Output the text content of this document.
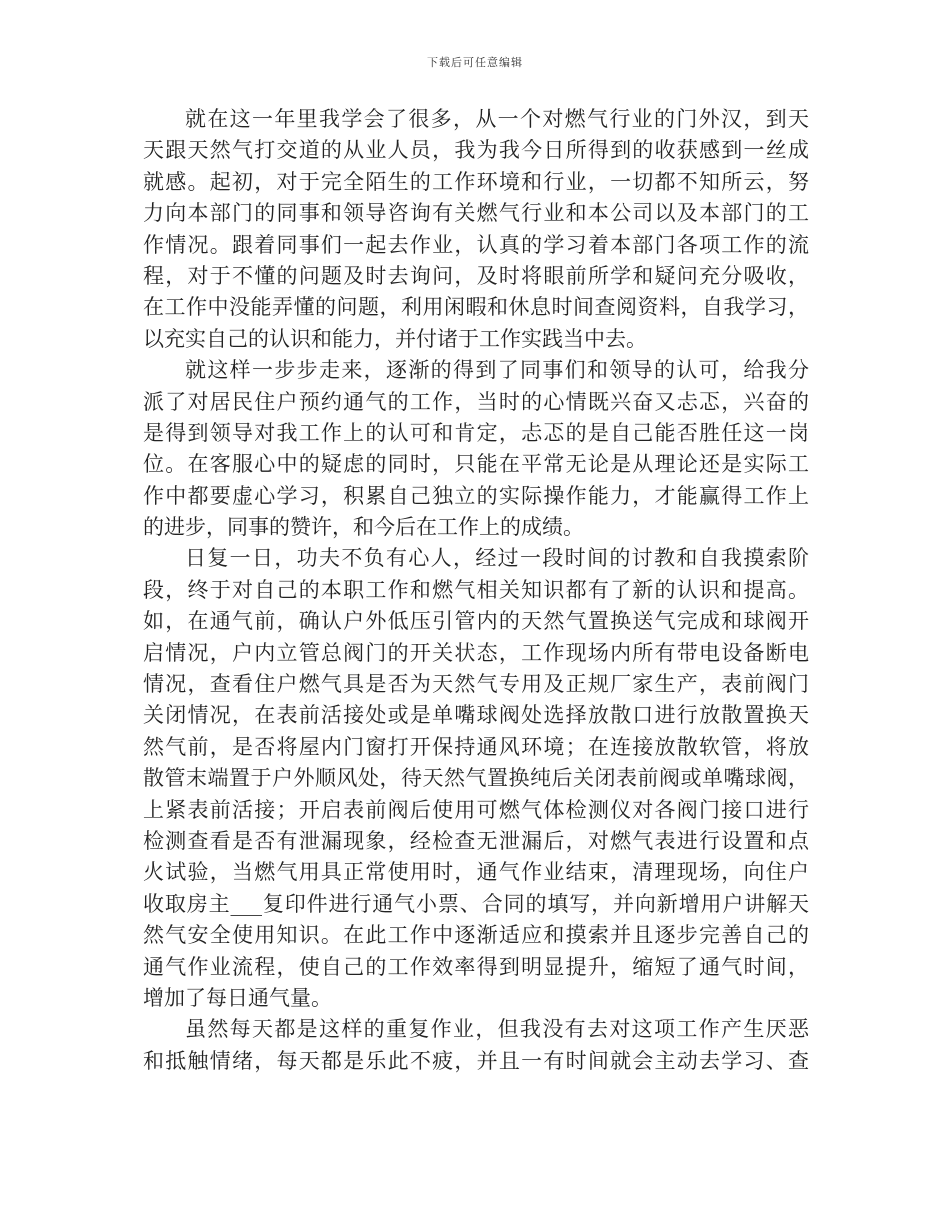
下载后可任意编辑
就在这一年里我学会了很多，从一个对燃气行业的门外汉，到天
天跟天然气打交道的从业人员，我为我今日所得到的收获感到一丝成
就感。起初，对于完全陌生的工作环境和行业，一切都不知所云，努
力向本部门的同事和领导咨询有关燃气行业和本公司以及本部门的工
作情况。跟着同事们一起去作业，认真的学习着本部门各项工作的流
程，对于不懂的问题及时去询问，及时将眼前所学和疑问充分吸收，
在工作中没能弄懂的问题，利用闲暇和休息时间查阅资料，自我学习，
以充实自己的认识和能力，并付诸于工作实践当中去。
就这样一步步走来，逐渐的得到了同事们和领导的认可，给我分
派了对居民住户预约通气的工作，当时的心情既兴奋又忐忑，兴奋的
是得到领导对我工作上的认可和肯定，忐忑的是自己能否胜任这一岗
位。在客服心中的疑虑的同时，只能在平常无论是从理论还是实际工
作中都要虚心学习，积累自己独立的实际操作能力，才能赢得工作上
的进步，同事的赞许，和今后在工作上的成绩。
日复一日，功夫不负有心人，经过一段时间的讨教和自我摸索阶
段，终于对自己的本职工作和燃气相关知识都有了新的认识和提高。
如，在通气前，确认户外低压引管内的天然气置换送气完成和球阀开
启情况，户内立管总阀门的开关状态，工作现场内所有带电设备断电
情况，查看住户燃气具是否为天然气专用及正规厂家生产，表前阀门
关闭情况，在表前活接处或是单嘴球阀处选择放散口进行放散置换天
然气前，是否将屋内门窗打开保持通风环境；在连接放散软管，将放
散管末端置于户外顺风处，待天然气置换纯后关闭表前阀或单嘴球阀，
上紧表前活接；开启表前阀后使用可燃气体检测仪对各阀门接口进行
检测查看是否有泄漏现象，经检查无泄漏后，对燃气表进行设置和点
火试验，当燃气用具正常使用时，通气作业结束，清理现场，向住户
收取房主___复印件进行通气小票、合同的填写，并向新增用户讲解天
然气安全使用知识。在此工作中逐渐适应和摸索并且逐步完善自己的
通气作业流程，使自己的工作效率得到明显提升，缩短了通气时间，
增加了每日通气量。
虽然每天都是这样的重复作业，但我没有去对这项工作产生厌恶
和抵触情绪，每天都是乐此不疲，并且一有时间就会主动去学习、查
